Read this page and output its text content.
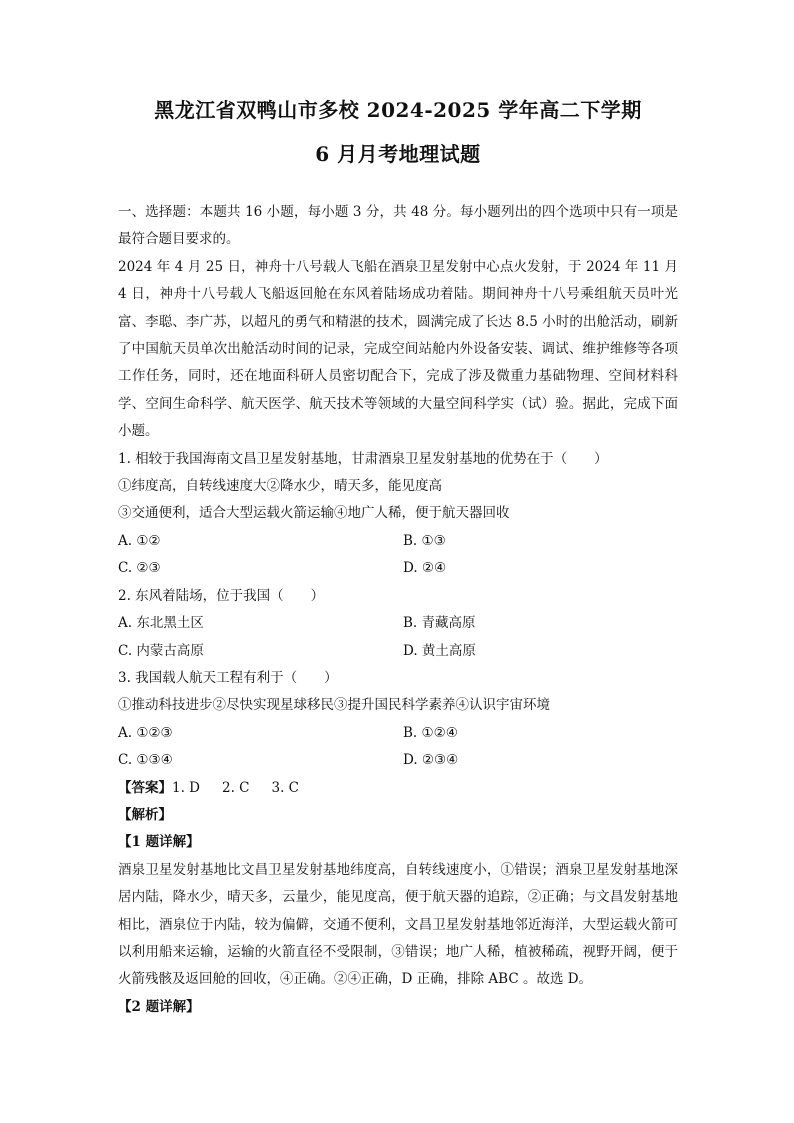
黑龙江省双鸭山市多校 2024-2025 学年高二下学期
6 月月考地理试题

一、选择题：本题共 16 小题，每小题 3 分，共 48 分。每小题列出的四个选项中只有一项是最符合题目要求的。

2024 年 4 月 25 日，神舟十八号载人飞船在酒泉卫星发射中心点火发射，于 2024 年 11 月 4 日，神舟十八号载人飞船返回舱在东风着陆场成功着陆。期间神舟十八号乘组航天员叶光富、李聪、李广苏，以超凡的勇气和精湛的技术，圆满完成了长达 8.5 小时的出舱活动，刷新了中国航天员单次出舱活动时间的记录，完成空间站舱内外设备安装、调试、维护维修等各项工作任务，同时，还在地面科研人员密切配合下，完成了涉及微重力基础物理、空间材料科学、空间生命科学、航天医学、航天技术等领域的大量空间科学实（试）验。据此，完成下面小题。

1. 相较于我国海南文昌卫星发射基地，甘肃酒泉卫星发射基地的优势在于（　　）

①纬度高，自转线速度大②降水少，晴天多，能见度高

③交通便利，适合大型运载火箭运输④地广人稀，便于航天器回收

A. ①②	B. ①③
C. ②③	D. ②④

2. 东风着陆场，位于我国（　　）

A. 东北黑土区	B. 青藏高原
C. 内蒙古高原	D. 黄土高原

3. 我国载人航天工程有利于（　　）

①推动科技进步②尽快实现星球移民③提升国民科学素养④认识宇宙环境

A. ①②③	B. ①②④
C. ①③④	D. ②③④

【答案】1. D 2. C 3. C

【解析】

【1 题详解】

酒泉卫星发射基地比文昌卫星发射基地纬度高，自转线速度小，①错误；酒泉卫星发射基地深居内陆，降水少，晴天多，云量少，能见度高，便于航天器的追踪，②正确；与文昌发射基地相比，酒泉位于内陆，较为偏僻，交通不便利，文昌卫星发射基地邻近海洋，大型运载火箭可以利用船来运输，运输的火箭直径不受限制，③错误；地广人稀，植被稀疏，视野开阔，便于火箭残骸及返回舱的回收，④正确。②④正确，D 正确，排除 ABC 。故选 D。

【2 题详解】
